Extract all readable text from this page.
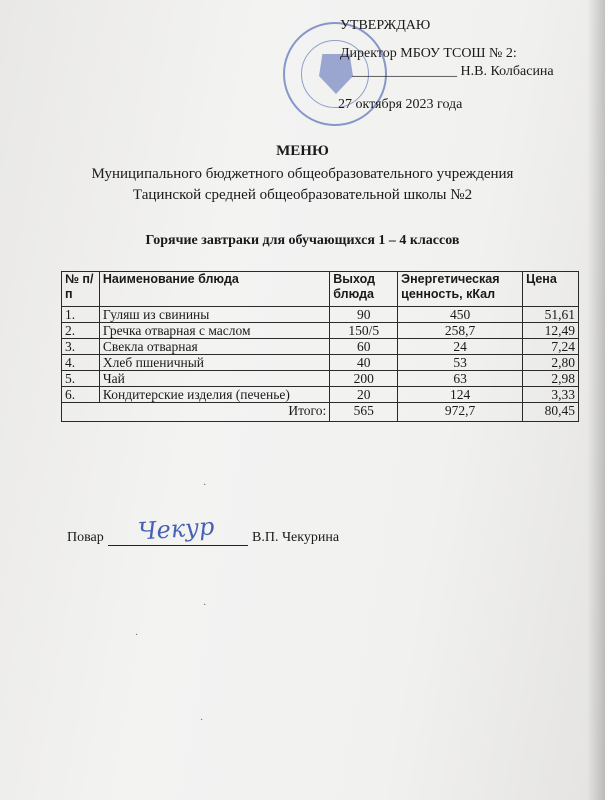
УТВЕРЖДАЮ
Директор МБОУ ТСОШ № 2:
_______________ Н.В. Колбасина
27 октября 2023 года
МЕНЮ
Муниципального бюджетного общеобразовательного учреждения
Тацинской средней общеобразовательной школы №2
Горячие завтраки для обучающихся 1 – 4 классов
№ п/п	Наименование блюда	Выход блюда	Энергетическая ценность, кКал	Цена
1.	Гуляш из свинины	90	450	51,61
2.	Гречка отварная с маслом	150/5	258,7	12,49
3.	Свекла отварная	60	24	7,24
4.	Хлеб пшеничный	40	53	2,80
5.	Чай	200	63	2,98
6.	Кондитерские изделия (печенье)	20	124	3,33
Итого:		565	972,7	80,45
Повар Чекур	В.П. Чекурина
·
·
·
·
